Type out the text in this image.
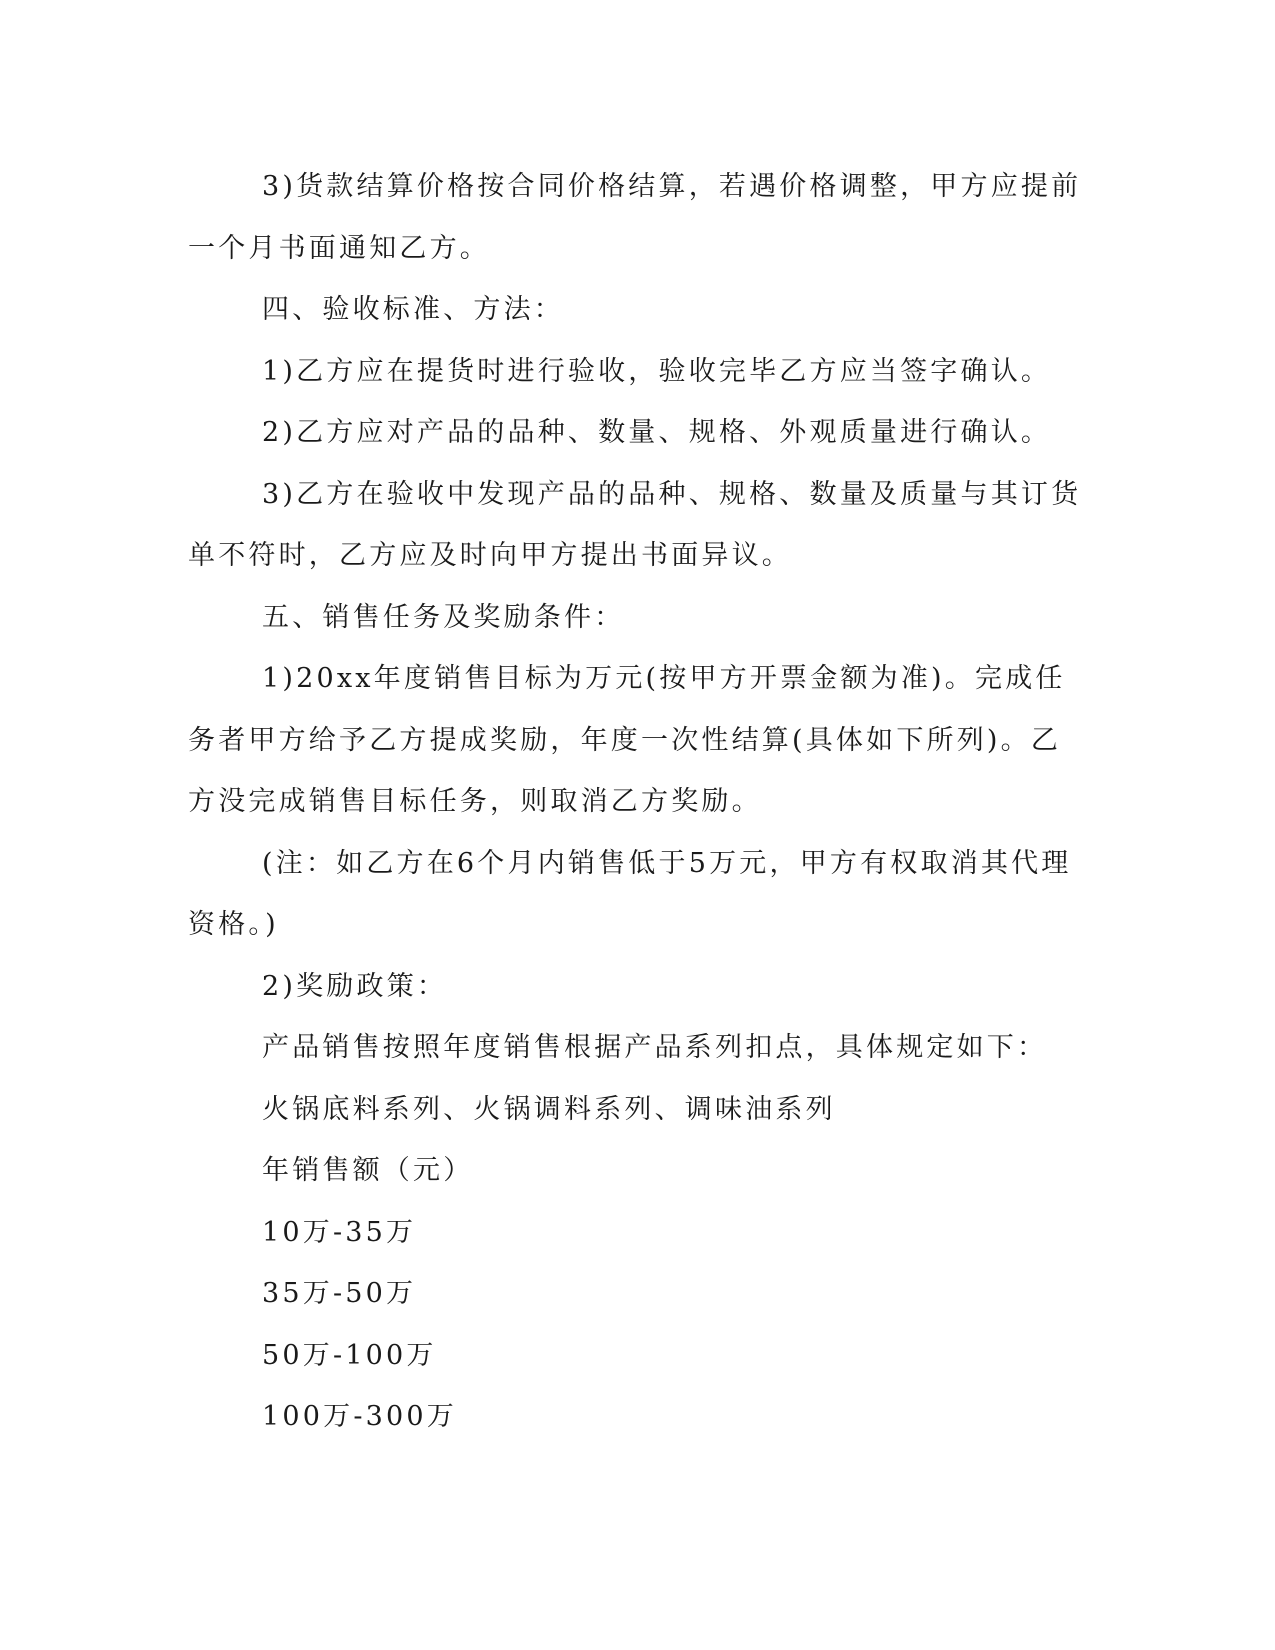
3)货款结算价格按合同价格结算，若遇价格调整，甲方应提前一个月书面通知乙方。

四、验收标准、方法：

1)乙方应在提货时进行验收，验收完毕乙方应当签字确认。

2)乙方应对产品的品种、数量、规格、外观质量进行确认。

3)乙方在验收中发现产品的品种、规格、数量及质量与其订货单不符时，乙方应及时向甲方提出书面异议。

五、销售任务及奖励条件：

1)20xx年度销售目标为万元(按甲方开票金额为准)。完成任务者甲方给予乙方提成奖励，年度一次性结算(具体如下所列)。乙方没完成销售目标任务，则取消乙方奖励。

(注：如乙方在6个月内销售低于5万元，甲方有权取消其代理资格。)

2)奖励政策：

产品销售按照年度销售根据产品系列扣点，具体规定如下：

火锅底料系列、火锅调料系列、调味油系列

年销售额（元）

10万-35万

35万-50万

50万-100万

100万-300万
